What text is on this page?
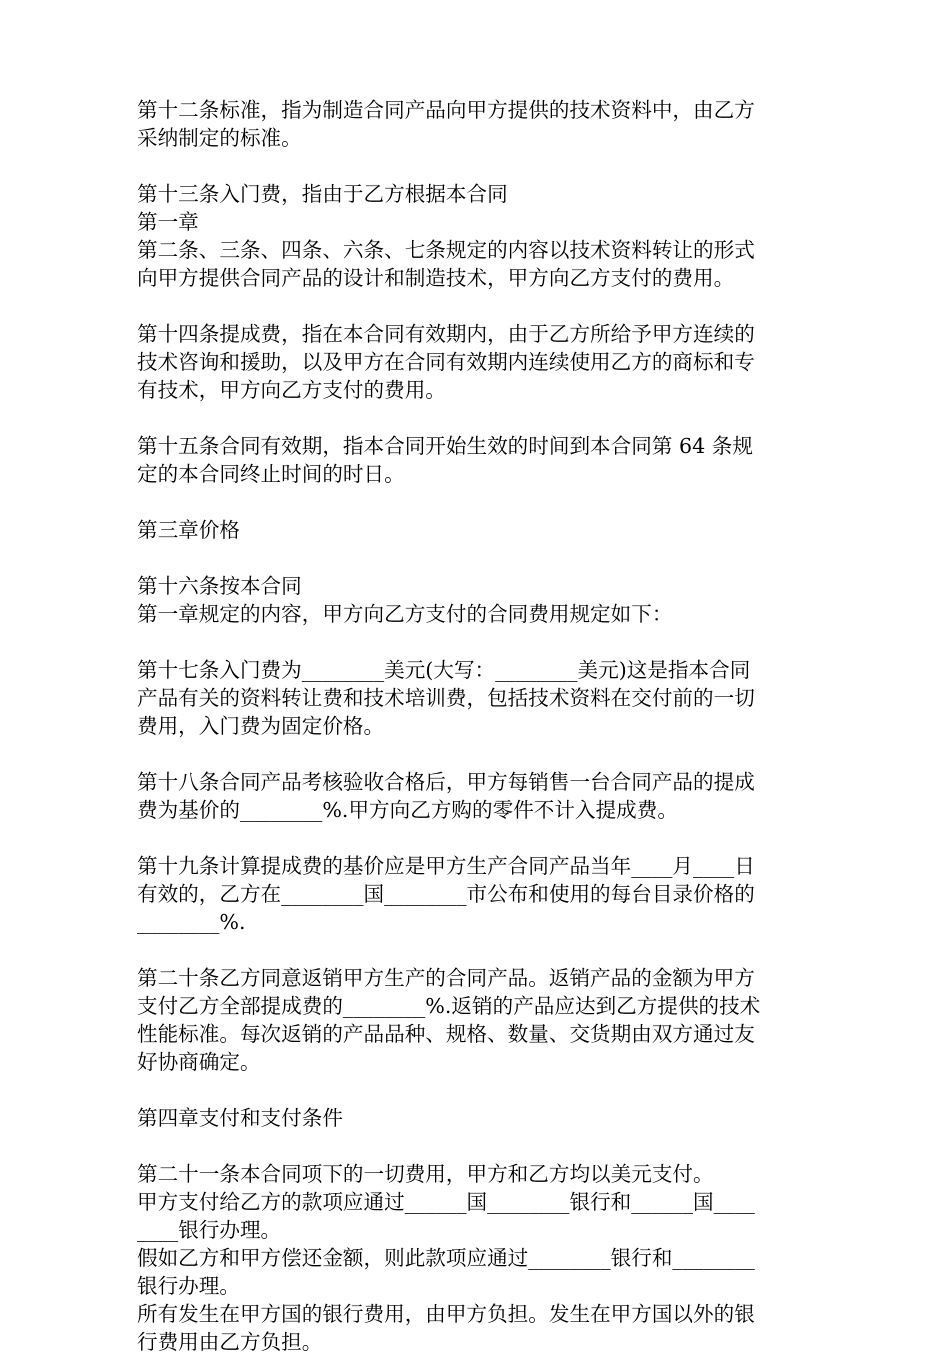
第十二条标准，指为制造合同产品向甲方提供的技术资料中，由乙方
采纳制定的标准。
第十三条入门费，指由于乙方根据本合同
第一章
第二条、三条、四条、六条、七条规定的内容以技术资料转让的形式
向甲方提供合同产品的设计和制造技术，甲方向乙方支付的费用。
第十四条提成费，指在本合同有效期内，由于乙方所给予甲方连续的
技术咨询和援助，以及甲方在合同有效期内连续使用乙方的商标和专
有技术，甲方向乙方支付的费用。
第十五条合同有效期，指本合同开始生效的时间到本合同第 64 条规
定的本合同终止时间的时日。
第三章价格
第十六条按本合同
第一章规定的内容，甲方向乙方支付的合同费用规定如下：
第十七条入门费为________美元(大写：________美元)这是指本合同
产品有关的资料转让费和技术培训费，包括技术资料在交付前的一切
费用，入门费为固定价格。
第十八条合同产品考核验收合格后，甲方每销售一台合同产品的提成
费为基价的________%.甲方向乙方购的零件不计入提成费。
第十九条计算提成费的基价应是甲方生产合同产品当年____月____日
有效的，乙方在________国________市公布和使用的每台目录价格的
________%.
第二十条乙方同意返销甲方生产的合同产品。返销产品的金额为甲方
支付乙方全部提成费的________%.返销的产品应达到乙方提供的技术
性能标准。每次返销的产品品种、规格、数量、交货期由双方通过友
好协商确定。
第四章支付和支付条件
第二十一条本合同项下的一切费用，甲方和乙方均以美元支付。
甲方支付给乙方的款项应通过______国________银行和______国____
____银行办理。
假如乙方和甲方偿还金额，则此款项应通过________银行和________
银行办理。
所有发生在甲方国的银行费用，由甲方负担。发生在甲方国以外的银
行费用由乙方负担。
